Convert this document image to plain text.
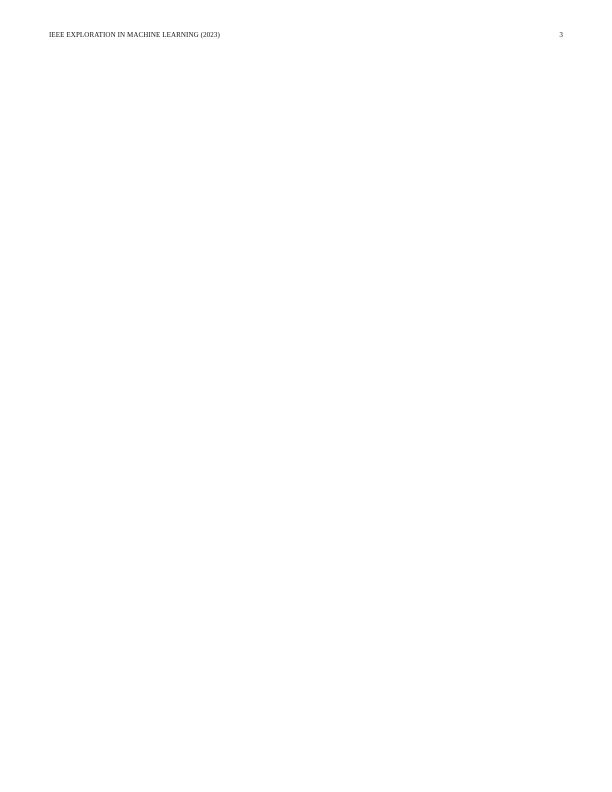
IEEE EXPLORATION IN MACHINE LEARNING (2023)	3
